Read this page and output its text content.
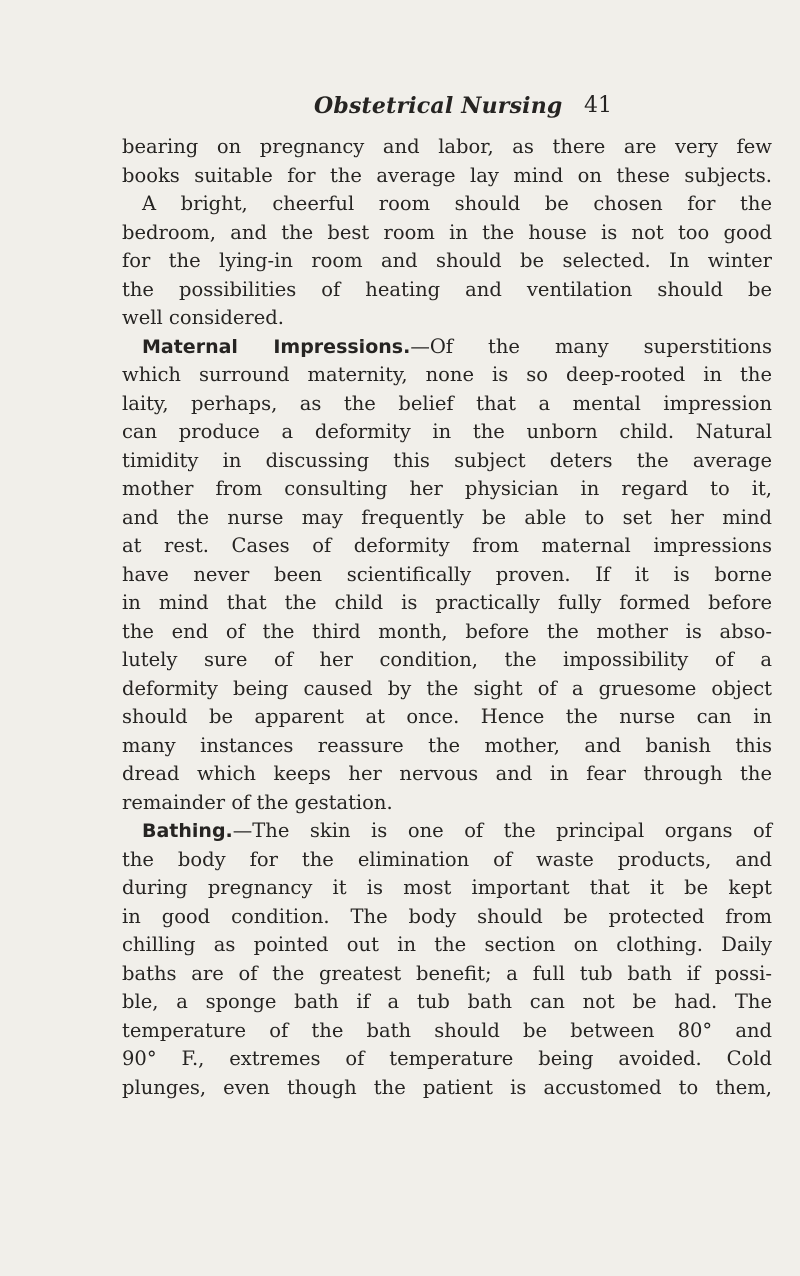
Obstetrical Nursing 41
bearing on pregnancy and labor, as there are very few
books suitable for the average lay mind on these subjects.
A bright, cheerful room should be chosen for the
bedroom, and the best room in the house is not too good
for the lying-in room and should be selected. In winter
the possibilities of heating and ventilation should be
well considered.
Maternal Impressions.—Of the many superstitions
which surround maternity, none is so deep-rooted in the
laity, perhaps, as the belief that a mental impression
can produce a deformity in the unborn child. Natural
timidity in discussing this subject deters the average
mother from consulting her physician in regard to it,
and the nurse may frequently be able to set her mind
at rest. Cases of deformity from maternal impressions
have never been scientifically proven. If it is borne
in mind that the child is practically fully formed before
the end of the third month, before the mother is abso-
lutely sure of her condition, the impossibility of a
deformity being caused by the sight of a gruesome object
should be apparent at once. Hence the nurse can in
many instances reassure the mother, and banish this
dread which keeps her nervous and in fear through the
remainder of the gestation.
Bathing.—The skin is one of the principal organs of
the body for the elimination of waste products, and
during pregnancy it is most important that it be kept
in good condition. The body should be protected from
chilling as pointed out in the section on clothing. Daily
baths are of the greatest benefit; a full tub bath if possi-
ble, a sponge bath if a tub bath can not be had. The
temperature of the bath should be between 80° and
90° F., extremes of temperature being avoided. Cold
plunges, even though the patient is accustomed to them,
